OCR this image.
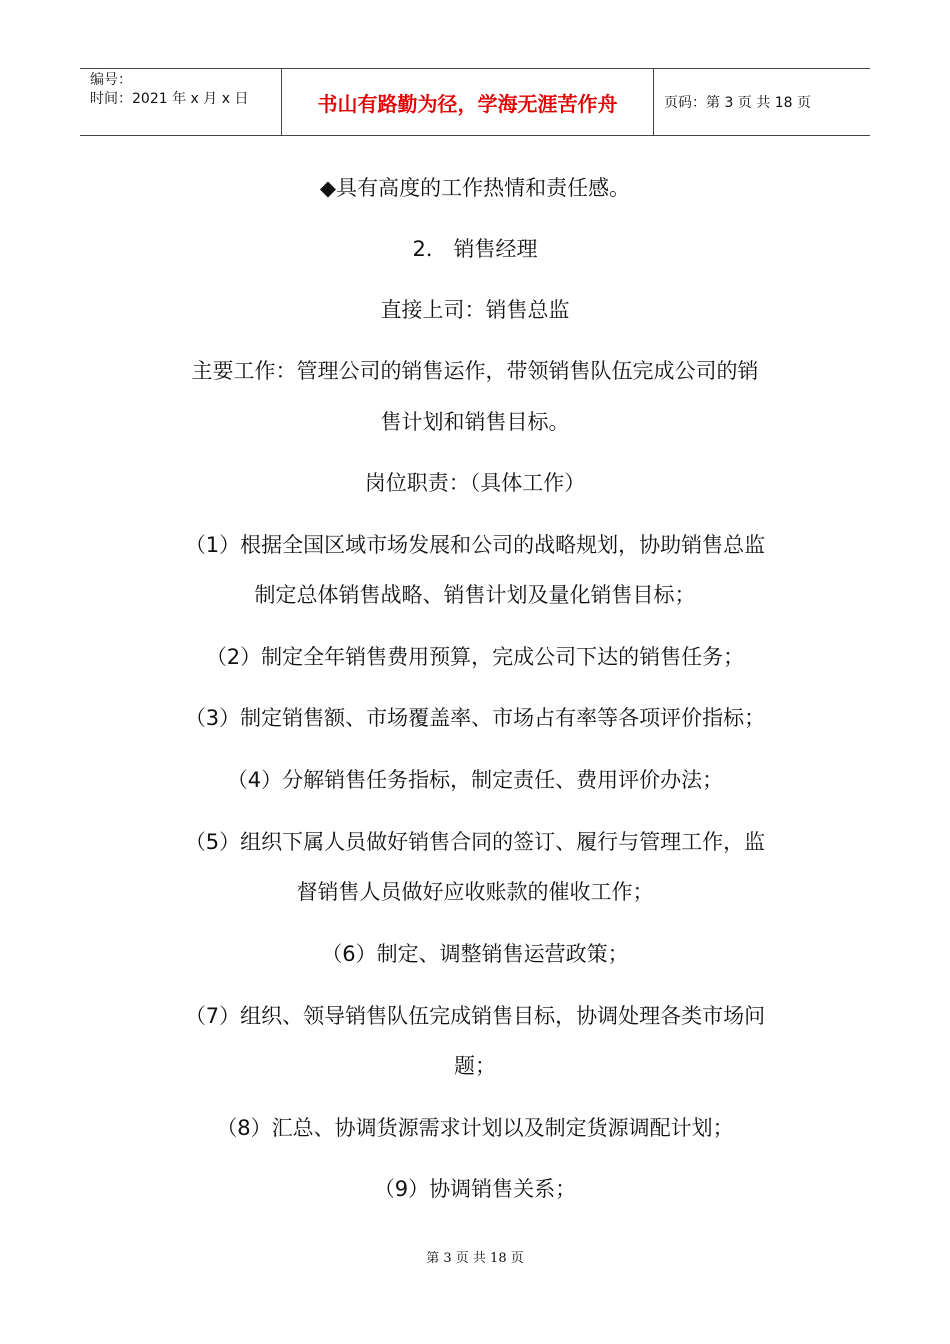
编号：
时间：2021 年 x 月 x 日	书山有路勤为径，学海无涯苦作舟	页码：第 3 页 共 18 页
◆具有高度的工作热情和责任感。
2． 销售经理
直接上司：销售总监
主要工作：管理公司的销售运作，带领销售队伍完成公司的销
售计划和销售目标。
岗位职责：（具体工作）
（1）根据全国区域市场发展和公司的战略规划，协助销售总监
制定总体销售战略、销售计划及量化销售目标；
（2）制定全年销售费用预算，完成公司下达的销售任务；
（3）制定销售额、市场覆盖率、市场占有率等各项评价指标；
（4）分解销售任务指标，制定责任、费用评价办法；
（5）组织下属人员做好销售合同的签订、履行与管理工作，监
督销售人员做好应收账款的催收工作；
（6）制定、调整销售运营政策；
（7）组织、领导销售队伍完成销售目标，协调处理各类市场问
题；
（8）汇总、协调货源需求计划以及制定货源调配计划；
（9）协调销售关系；
第 3 页 共 18 页
